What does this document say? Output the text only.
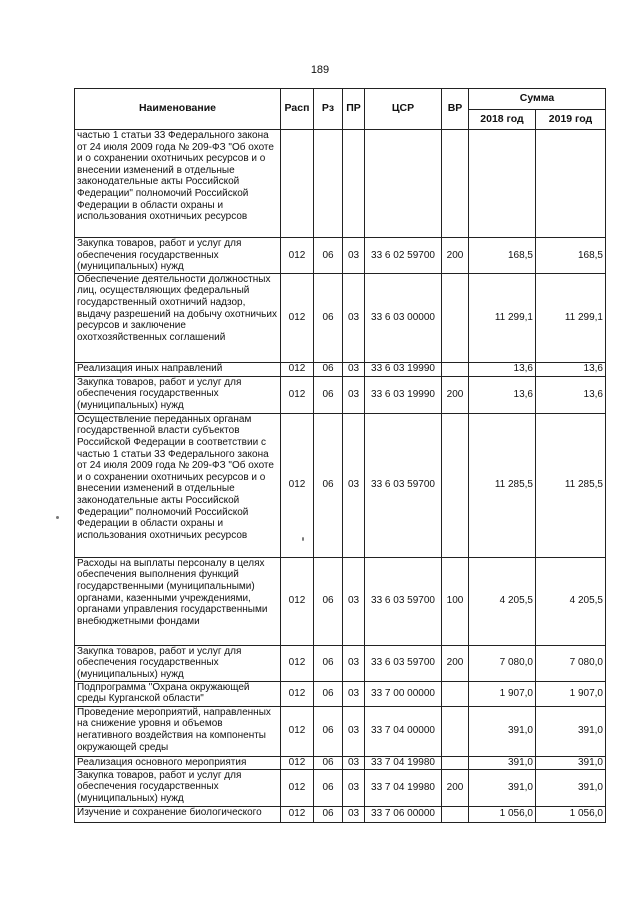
189
Наименование	Расп	Рз	ПР	ЦСР	ВР	Сумма	
						2018 год	2019 год
частью 1 статьи 33 Федерального закона от 24 июля 2009 года № 209-ФЗ "Об охоте и о сохранении охотничьих ресурсов и о внесении изменений в отдельные законодательные акты Российской Федерации" полномочий Российской Федерации в области охраны и использования охотничьих ресурсов							
Закупка товаров, работ и услуг для обеспечения государственных (муниципальных) нужд	012	06	03	33 6 02 59700	200	168,5	168,5
Обеспечение деятельности должностных лиц, осуществляющих федеральный государственный охотничий надзор, выдачу разрешений на добычу охотничьих ресурсов и заключение охотхозяйственных соглашений	012	06	03	33 6 03 00000		11 299,1	11 299,1
Реализация иных направлений	012	06	03	33 6 03 19990		13,6	13,6
Закупка товаров, работ и услуг для обеспечения государственных (муниципальных) нужд	012	06	03	33 6 03 19990	200	13,6	13,6
Осуществление переданных органам государственной власти субъектов Российской Федерации в соответствии с частью 1 статьи 33 Федерального закона от 24 июля 2009 года № 209-ФЗ "Об охоте и о сохранении охотничьих ресурсов и о внесении изменений в отдельные законодательные акты Российской Федерации" полномочий Российской Федерации в области охраны и использования охотничьих ресурсов	012	06	03	33 6 03 59700		11 285,5	11 285,5
Расходы на выплаты персоналу в целях обеспечения выполнения функций государственными (муниципальными) органами, казенными учреждениями, органами управления государственными внебюджетными фондами	012	06	03	33 6 03 59700	100	4 205,5	4 205,5
Закупка товаров, работ и услуг для обеспечения государственных (муниципальных) нужд	012	06	03	33 6 03 59700	200	7 080,0	7 080,0
Подпрограмма "Охрана окружающей среды Курганской области"	012	06	03	33 7 00 00000		1 907,0	1 907,0
Проведение мероприятий, направленных на снижение уровня и объемов негативного воздействия на компоненты окружающей среды	012	06	03	33 7 04 00000		391,0	391,0
Реализация основного мероприятия	012	06	03	33 7 04 19980		391,0	391,0
Закупка товаров, работ и услуг для обеспечения государственных (муниципальных) нужд	012	06	03	33 7 04 19980	200	391,0	391,0
Изучение и сохранение биологического	012	06	03	33 7 06 00000		1 056,0	1 056,0
